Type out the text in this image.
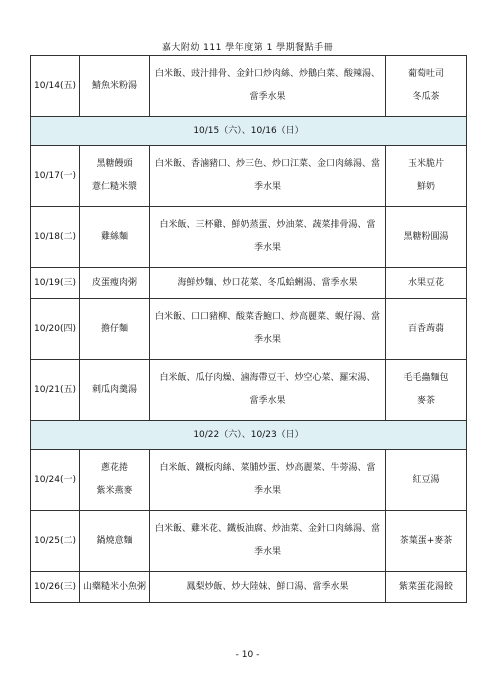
嘉大附幼 111 學年度第 1 學期餐點手冊
10/14(五)	鯖魚米粉湯	白米飯、豉汁排骨、金針口炒肉絲、炒鵝白菜、酸辣湯、
當季水果	葡萄吐司
冬瓜茶
10/15（六）、10/16（日）			
10/17(一)	黑糖饅頭
薏仁糙米漿	白米飯、香滷豬口、炒三色、炒口江菜、金口肉絲湯、當
季水果	玉米脆片
鮮奶
10/18(二)	雞絲麵	白米飯、三杯雞、鮮奶蒸蛋、炒油菜、蔬菜排骨湯、當
季水果	黑糖粉圓湯
10/19(三)	皮蛋瘦肉粥	海鮮炒麵、炒口花菜、冬瓜蛤蜊湯、當季水果	水果豆花
10/20(四)	擔仔麵	白米飯、口口豬柳、酸菜香鮑口、炒高麗菜、蜆仔湯、當
季水果	百香蒟蒻
10/21(五)	刺瓜肉羹湯	白米飯、瓜仔肉燥、滷海帶豆干、炒空心菜、羅宋湯、
當季水果	毛毛蟲麵包
麥茶
10/22（六）、10/23（日）			
10/24(一)	蔥花捲
紫米燕麥	白米飯、鐵板肉絲、菜脯炒蛋、炒高麗菜、牛蒡湯、當
季水果	紅豆湯
10/25(二)	鍋燒意麵	白米飯、雞米花、鐵板油腐、炒油菜、金針口肉絲湯、當
季水果	茶葉蛋+麥茶
10/26(三)	山藥糙米小魚粥	鳳梨炒飯、炒大陸妹、鮮口湯、當季水果	紫菜蛋花湯餃
- 10 -
